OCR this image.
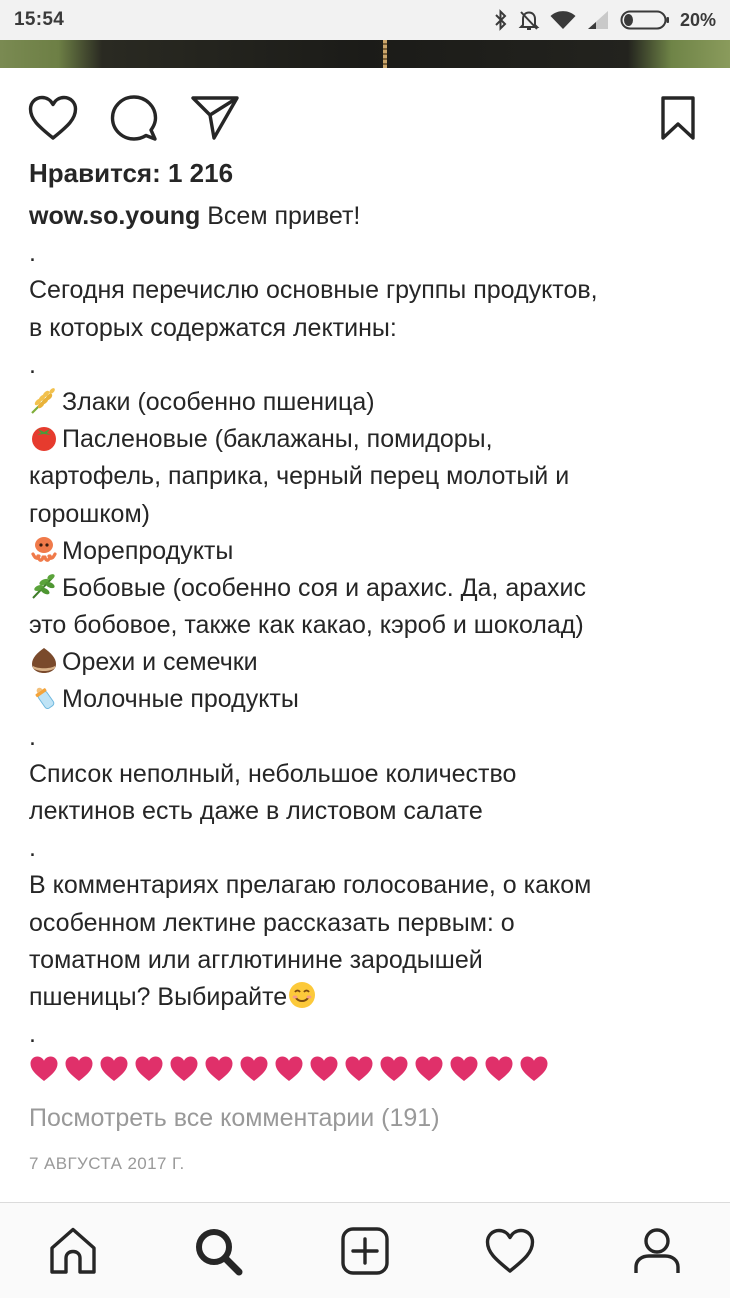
15:54	20%
Нравится: 1 216
wow.so.young Всем привет!
.
Сегодня перечислю основные группы продуктов,
в которых содержатся лектины:
.
Злаки (особенно пшеница)
Пасленовые (баклажаны, помидоры,
картофель, паприка, черный перец молотый и
горошком)
Морепродукты
Бобовые (особенно соя и арахис. Да, арахис
это бобовое, также как какао, кэроб и шоколад)
Орехи и семечки
Молочные продукты
.
Список неполный, небольшое количество
лектинов есть даже в листовом салате
.
В комментариях прелагаю голосование, о каком
особенном лектине рассказать первым: о
томатном или агглютинине зародышей
пшеницы? Выбирайте
.
Посмотреть все комментарии (191)
7 АВГУСТА 2017 Г.
